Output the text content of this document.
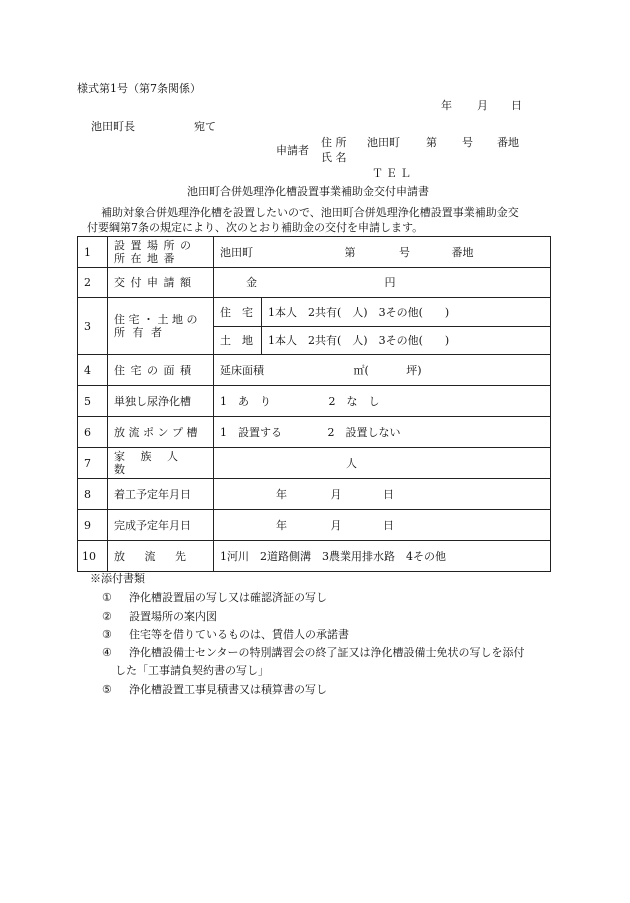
様式第1号（第7条関係）
年 月 日
池田町長	宛て
申請者
住 所 池田町 第 号 番地
氏 名
ＴＥＬ
池田町合併処理浄化槽設置事業補助金交付申請書
補助対象合併処理浄化槽を設置したいので、池田町合併処理浄化槽設置事業補助金交
付要綱第7条の規定により、次のとおり補助金の交付を申請します。
1	設 置 場 所 の
所 在 地 番	池田町 第 号 番地	
2	交 付 申 請 額	金 円	
3	住 宅 ・ 土 地 の
所 有 者	住　宅	1本人　2共有(　人)　3その他(　　)
		土　地	1本人　2共有(　人)　3その他(　　)
4	住 宅 の 面 積	延床面積 ㎡( 坪)	
5	単独し尿浄化槽	1　あ　り 2　な　し	
6	放 流 ポ ン プ 槽	1　設置する 2　設置しない	
7	家 族 人 数	人	
8	着工予定年月日	年 月 日	
9	完成予定年月日	年 月 日	
10	放 流 先	1河川　2道路側溝　3農業用排水路　4その他	
※添付書類
① 浄化槽設置届の写し又は確認済証の写し
② 設置場所の案内図
③ 住宅等を借りているものは、賃借人の承諾書
④ 浄化槽設備士センターの特別講習会の終了証又は浄化槽設備士免状の写しを添付
した「工事請負契約書の写し」
⑤ 浄化槽設置工事見積書又は積算書の写し
